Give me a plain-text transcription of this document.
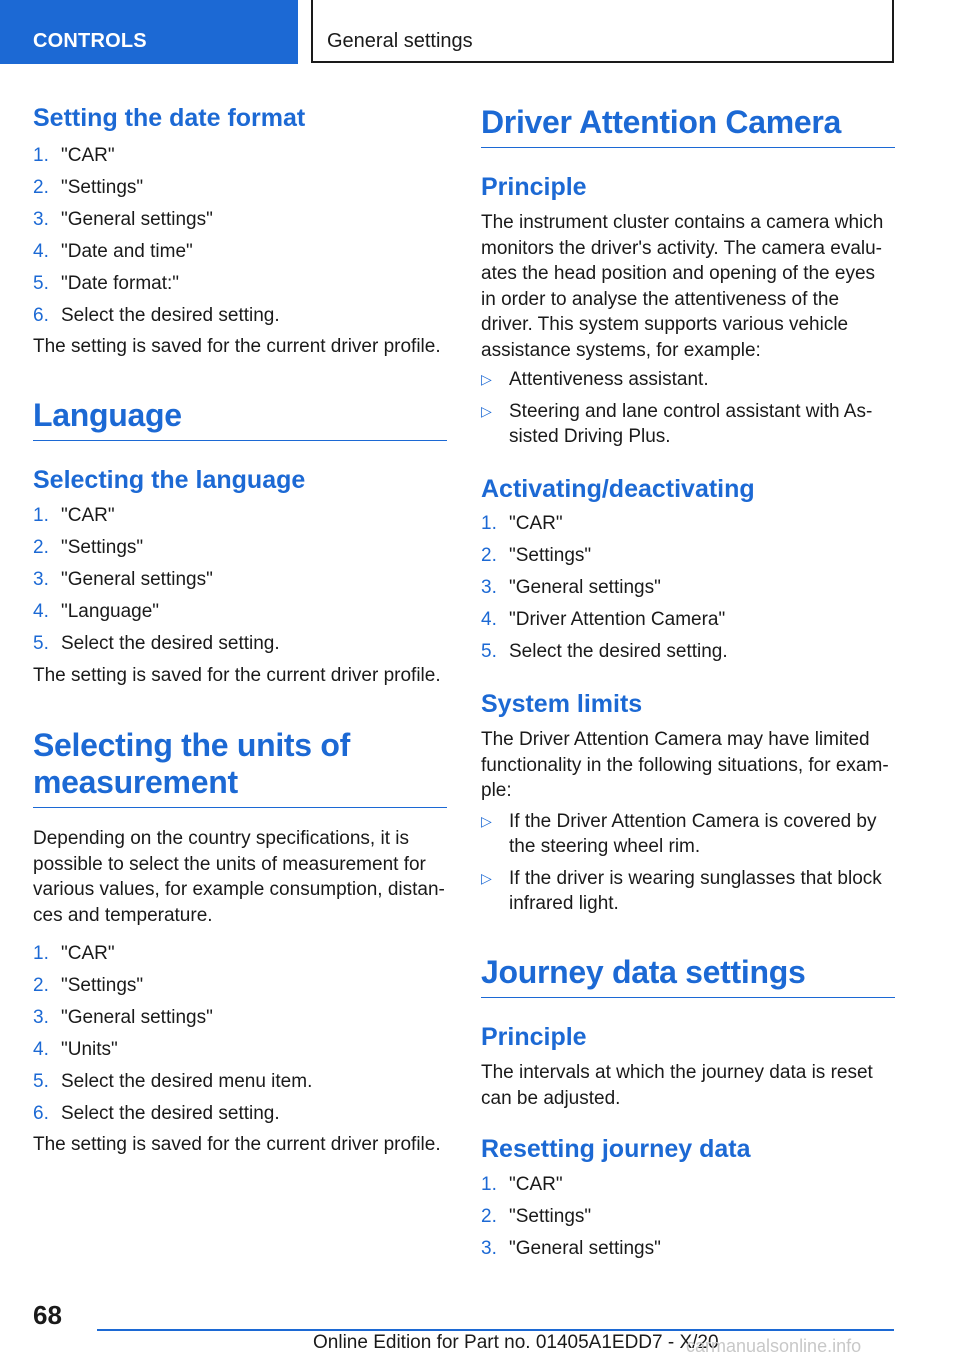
CONTROLS	General settings
Setting the date format
1. "CAR"
2. "Settings"
3. "General settings"
4. "Date and time"
5. "Date format:"
6. Select the desired setting.
The setting is saved for the current driver profile.
Language
Selecting the language
1. "CAR"
2. "Settings"
3. "General settings"
4. "Language"
5. Select the desired setting.
The setting is saved for the current driver profile.
Selecting the units of
measurement
Depending on the country specifications, it is possible to select the units of measurement for various values, for example consumption, distan-ces and temperature.
1. "CAR"
2. "Settings"
3. "General settings"
4. "Units"
5. Select the desired menu item.
6. Select the desired setting.
The setting is saved for the current driver profile.
Driver Attention Camera
Principle
The instrument cluster contains a camera which monitors the driver's activity. The camera evalu-ates the head position and opening of the eyes in order to analyse the attentiveness of the driver. This system supports various vehicle assistance systems, for example:
▷ Attentiveness assistant.
▷ Steering and lane control assistant with As-sisted Driving Plus.
Activating/deactivating
1. "CAR"
2. "Settings"
3. "General settings"
4. "Driver Attention Camera"
5. Select the desired setting.
System limits
The Driver Attention Camera may have limited functionality in the following situations, for exam-ple:
▷ If the Driver Attention Camera is covered by the steering wheel rim.
▷ If the driver is wearing sunglasses that block infrared light.
Journey data settings
Principle
The intervals at which the journey data is reset can be adjusted.
Resetting journey data
1. "CAR"
2. "Settings"
3. "General settings"
68
Online Edition for Part no. 01405A1EDD7 - X/20
carmanualsonline.info
